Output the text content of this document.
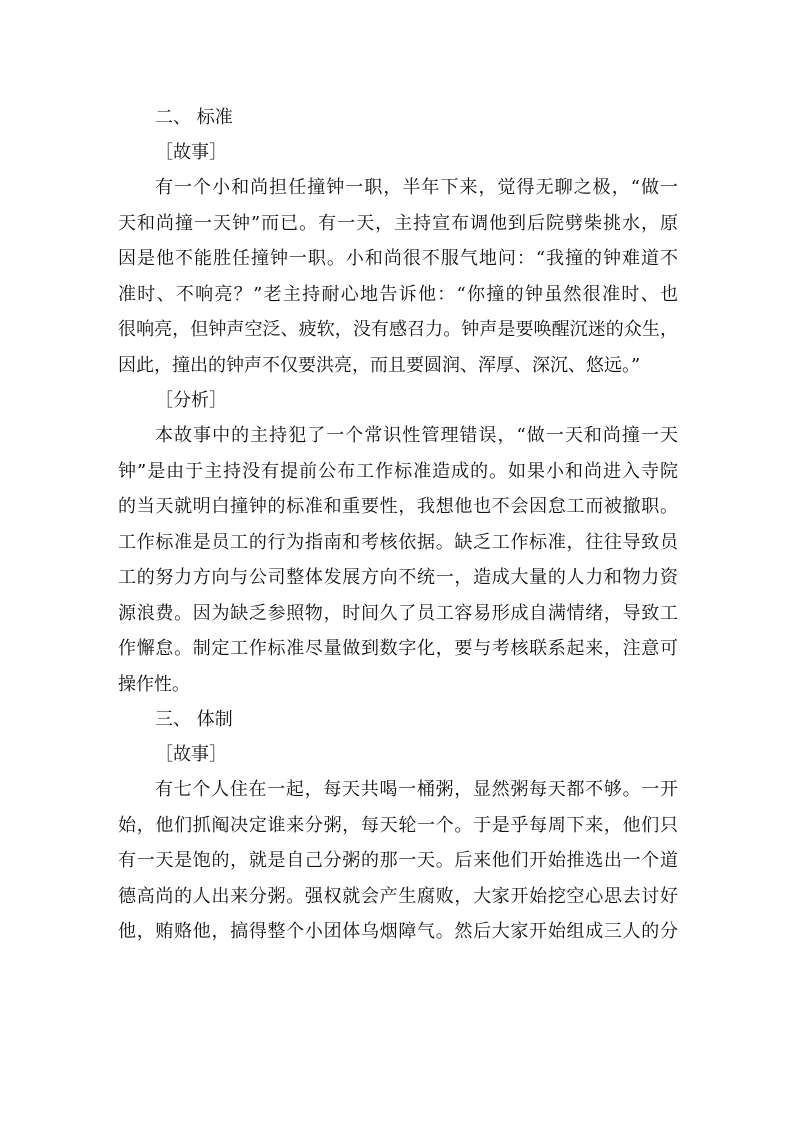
二、 标准
［故事］
有一个小和尚担任撞钟一职，半年下来，觉得无聊之极，“做一
天和尚撞一天钟”而已。有一天，主持宣布调他到后院劈柴挑水，原
因是他不能胜任撞钟一职。小和尚很不服气地问：“我撞的钟难道不
准时、不响亮？”老主持耐心地告诉他：“你撞的钟虽然很准时、也
很响亮，但钟声空泛、疲软，没有感召力。钟声是要唤醒沉迷的众生，
因此，撞出的钟声不仅要洪亮，而且要圆润、浑厚、深沉、悠远。”
［分析］
本故事中的主持犯了一个常识性管理错误，“做一天和尚撞一天
钟”是由于主持没有提前公布工作标准造成的。如果小和尚进入寺院
的当天就明白撞钟的标准和重要性，我想他也不会因怠工而被撤职。
工作标准是员工的行为指南和考核依据。缺乏工作标准，往往导致员
工的努力方向与公司整体发展方向不统一，造成大量的人力和物力资
源浪费。因为缺乏参照物，时间久了员工容易形成自满情绪，导致工
作懈怠。制定工作标准尽量做到数字化，要与考核联系起来，注意可
操作性。
三、 体制
［故事］
有七个人住在一起，每天共喝一桶粥，显然粥每天都不够。一开
始，他们抓阄决定谁来分粥，每天轮一个。于是乎每周下来，他们只
有一天是饱的，就是自己分粥的那一天。后来他们开始推选出一个道
德高尚的人出来分粥。强权就会产生腐败，大家开始挖空心思去讨好
他，贿赂他，搞得整个小团体乌烟障气。然后大家开始组成三人的分
